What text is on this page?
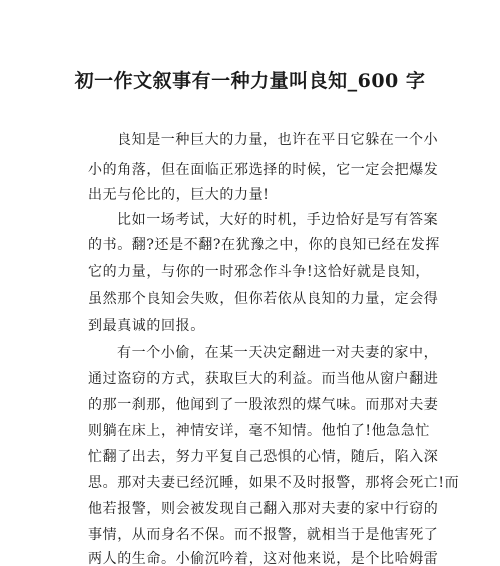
初一作文叙事有一种力量叫良知_600 字
良知是一种巨大的力量，也许在平日它躲在一个小
小的角落，但在面临正邪选择的时候，它一定会把爆发
出无与伦比的，巨大的力量!
比如一场考试，大好的时机，手边恰好是写有答案
的书。翻?还是不翻?在犹豫之中，你的良知已经在发挥
它的力量，与你的一时邪念作斗争!这恰好就是良知，
虽然那个良知会失败，但你若依从良知的力量，定会得
到最真诚的回报。
有一个小偷，在某一天决定翻进一对夫妻的家中，
通过盗窃的方式，获取巨大的利益。而当他从窗户翻进
的那一刹那，他闻到了一股浓烈的煤气味。而那对夫妻
则躺在床上，神情安详，毫不知情。他怕了!他急急忙
忙翻了出去，努力平复自己恐惧的心情，随后，陷入深
思。那对夫妻已经沉睡，如果不及时报警，那将会死亡!而
他若报警，则会被发现自己翻入那对夫妻的家中行窃的
事情，从而身名不保。而不报警，就相当于是他害死了
两人的生命。小偷沉吟着，这对他来说，是个比哈姆雷
